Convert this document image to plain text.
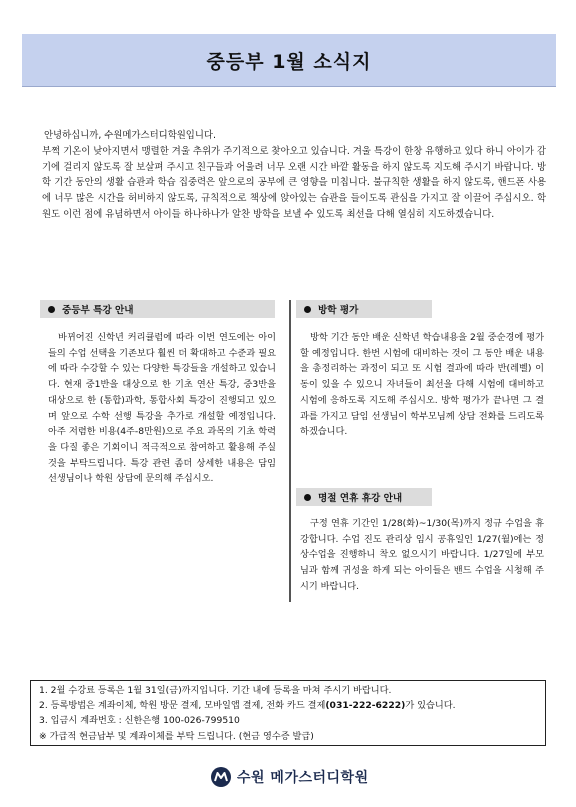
중등부 1월 소식지

안녕하십니까, 수원메가스터디학원입니다.

부쩍 기온이 낮아지면서 맹렬한 겨울 추위가 주기적으로 찾아오고 있습니다. 겨울 특강이 한창 유행하고 있다 하니 아이가 감기에 걸리지 않도록 잘 보살펴 주시고 친구들과 어울려 너무 오랜 시간 바깥 활동을 하지 않도록 지도해 주시기 바랍니다. 방학 기간 동안의 생활 습관과 학습 집중력은 앞으로의 공부에 큰 영향을 미칩니다. 불규칙한 생활을 하지 않도록, 핸드폰 사용에 너무 많은 시간을 허비하지 않도록, 규칙적으로 책상에 앉아있는 습관을 들이도록 관심을 가지고 잘 이끌어 주십시오. 학원도 이런 점에 유념하면서 아이들 하나하나가 알찬 방학을 보낼 수 있도록 최선을 다해 열심히 지도하겠습니다.

중등부 특강 안내
바뀌어진 신학년 커리큘럼에 따라 이번 연도에는 아이들의 수업 선택을 기존보다 훨씬 더 확대하고 수준과 필요에 따라 수강할 수 있는 다양한 특강들을 개설하고 있습니다. 현재 중1반을 대상으로 한 기초 연산 특강, 중3반을 대상으로 한 (통합)과학, 통합사회 특강이 진행되고 있으며 앞으로 수학 선행 특강을 추가로 개설할 예정입니다. 아주 저렴한 비용(4주-8만원)으로 주요 과목의 기초 학력을 다질 좋은 기회이니 적극적으로 참여하고 활용해 주실 것을 부탁드립니다. 특강 관련 좀더 상세한 내용은 담임 선생님이나 학원 상담에 문의해 주십시오.
방학 평가
방학 기간 동안 배운 신학년 학습내용을 2월 중순경에 평가할 예정입니다. 한번 시험에 대비하는 것이 그 동안 배운 내용을 총정리하는 과정이 되고 또 시험 결과에 따라 반(레벨) 이동이 있을 수 있으니 자녀들이 최선을 다해 시험에 대비하고 시험에 응하도록 지도해 주십시오. 방학 평가가 끝나면 그 결과를 가지고 담임 선생님이 학부모님께 상담 전화를 드리도록 하겠습니다.
명절 연휴 휴강 안내
구정 연휴 기간인 1/28(화)~1/30(목)까지 정규 수업을 휴강합니다. 수업 진도 관리상 임시 공휴일인 1/27(월)에는 정상수업을 진행하니 착오 없으시기 바랍니다. 1/27일에 부모님과 함께 귀성을 하게 되는 아이들은 밴드 수업을 시청해 주시기 바랍니다.
1. 2월 수강료 등록은 1월 31일(금)까지입니다. 기간 내에 등록을 마쳐 주시기 바랍니다.
2. 등록방법은 계좌이체, 학원 방문 결제, 모바일앱 결제, 전화 카드 결제(031-222-6222)가 있습니다.
3. 입금시 계좌번호 : 신한은행 100-026-799510
※ 가급적 현금납부 및 계좌이체를 부탁 드립니다. (현금 영수증 발급)
수원 메가스터디학원
